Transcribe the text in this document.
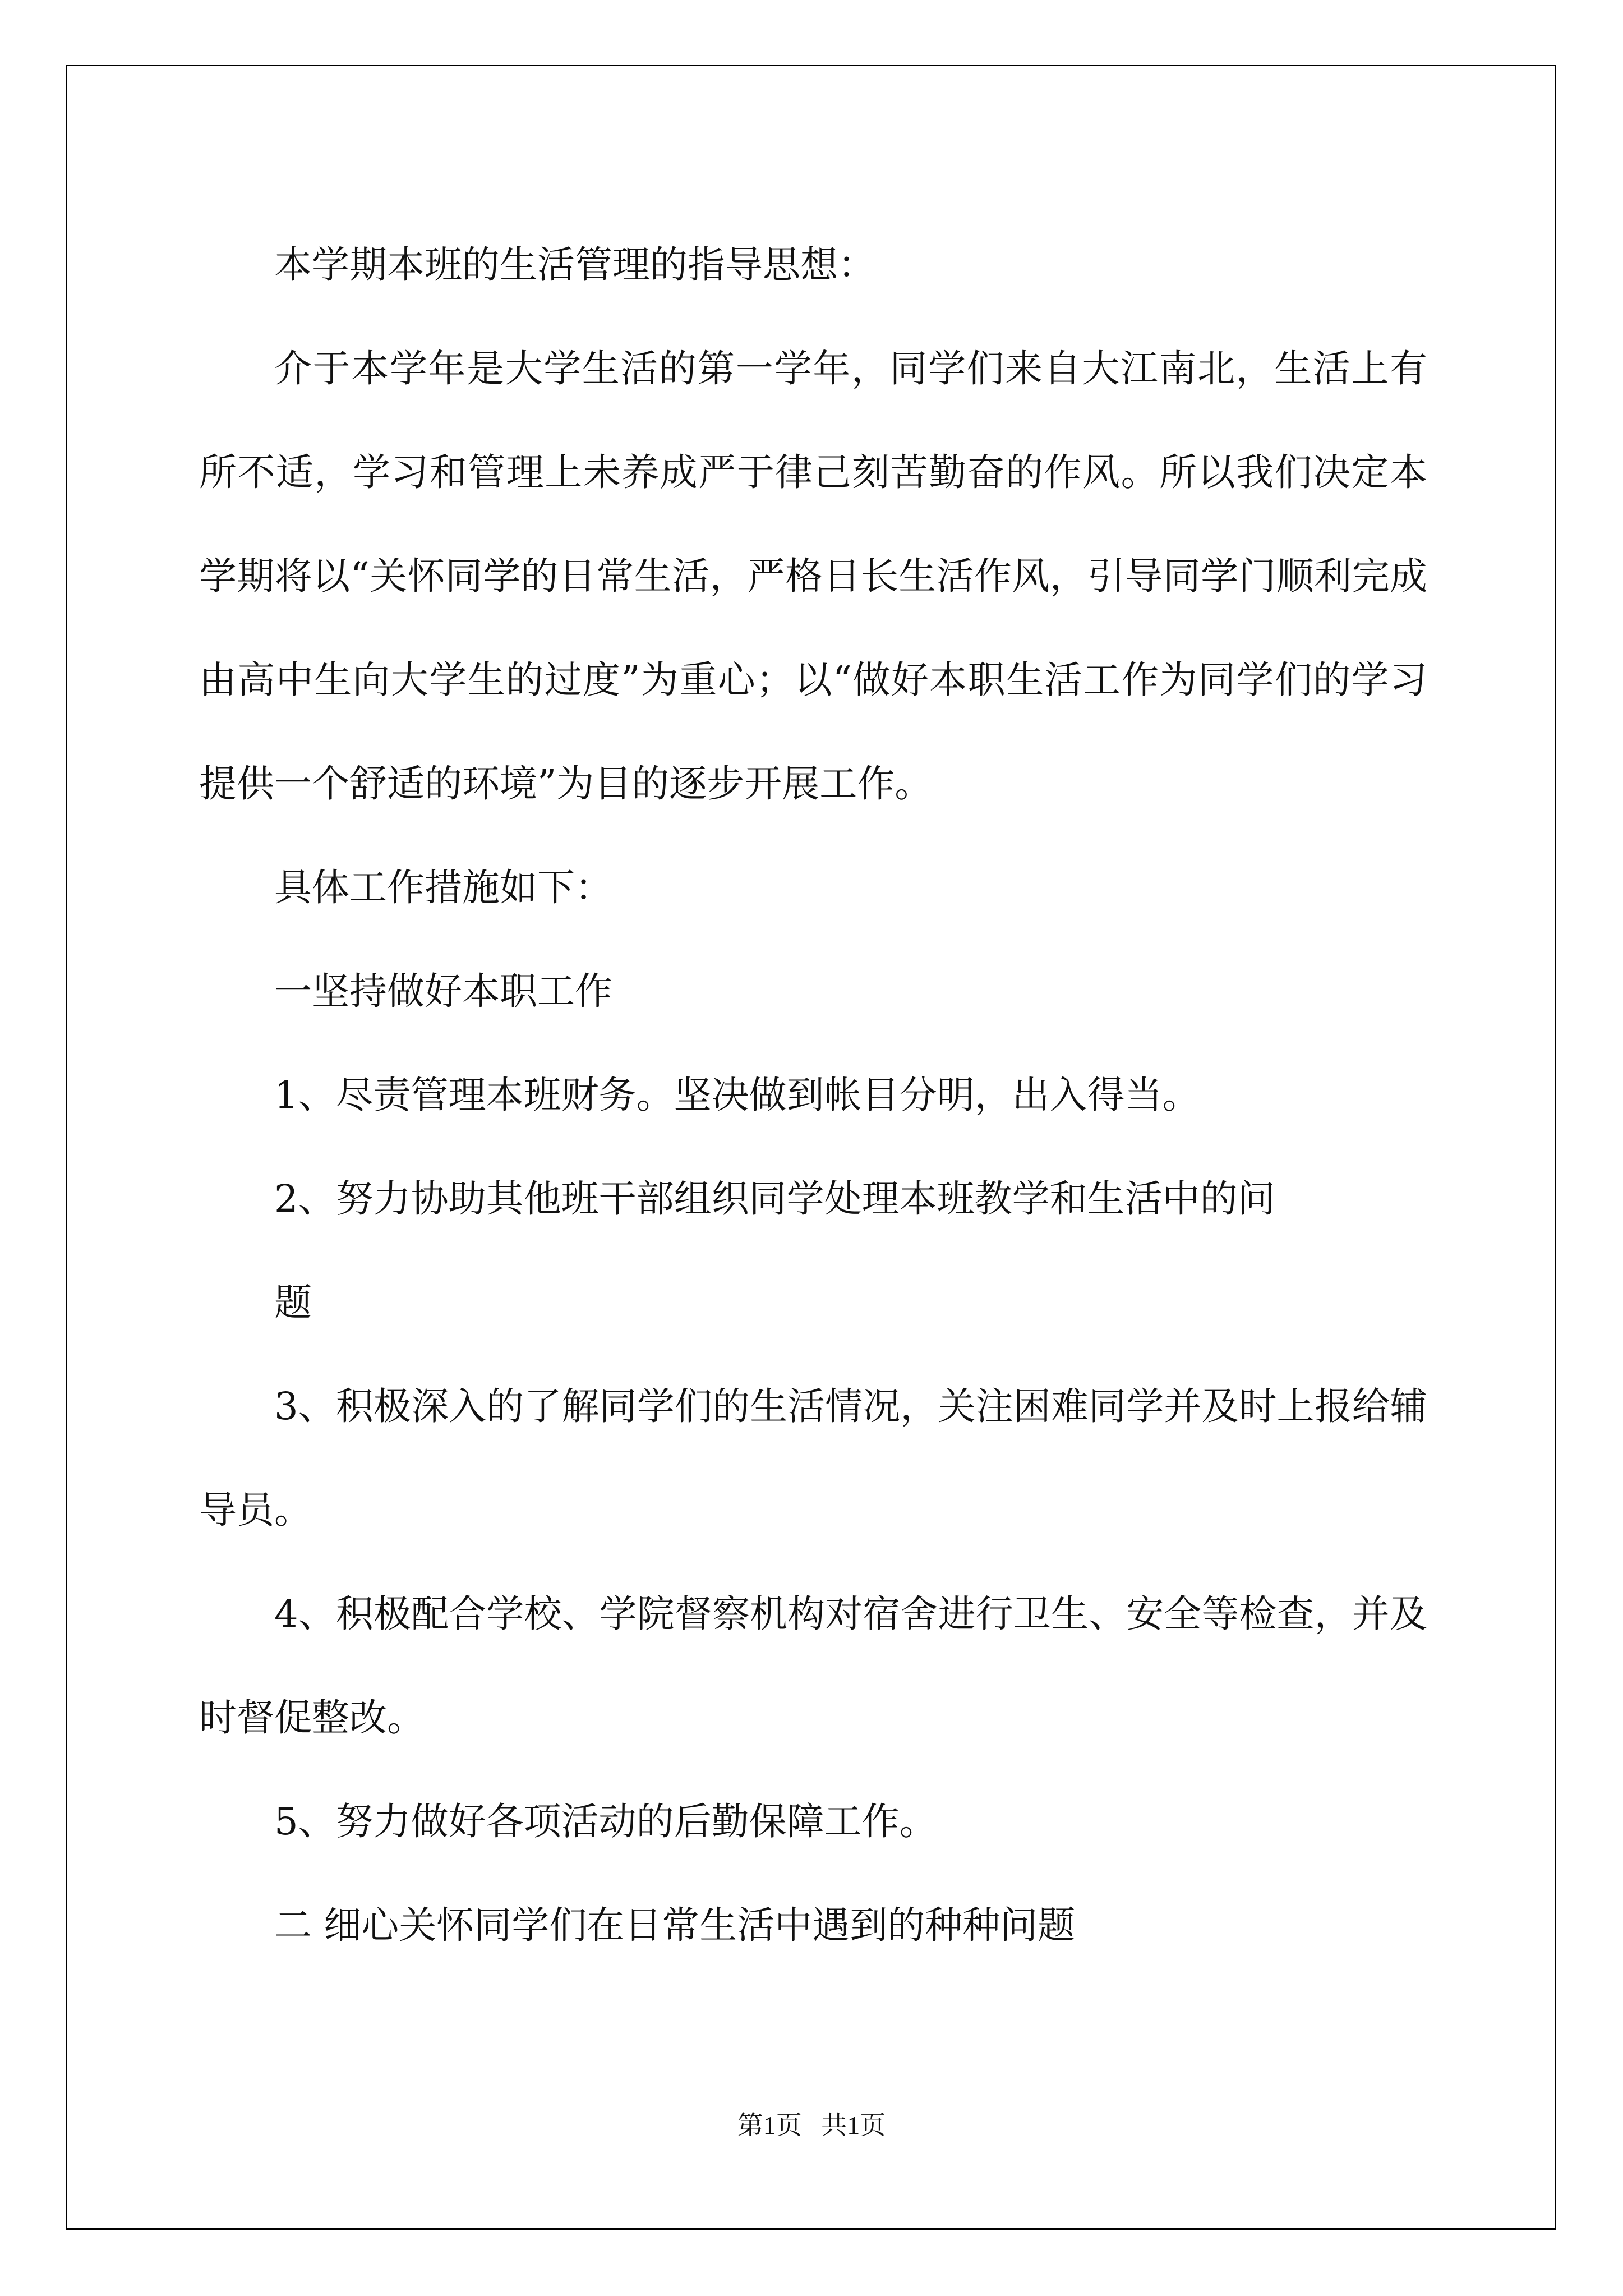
本学期本班的生活管理的指导思想：

介于本学年是大学生活的第一学年，同学们来自大江南北，生活上有所不适，学习和管理上未养成严于律己刻苦勤奋的作风。所以我们决定本学期将以“关怀同学的日常生活，严格日长生活作风，引导同学门顺利完成由高中生向大学生的过度”为重心；以“做好本职生活工作为同学们的学习提供一个舒适的环境”为目的逐步开展工作。

具体工作措施如下：

一坚持做好本职工作

1、尽责管理本班财务。坚决做到帐目分明，出入得当。

2、努力协助其他班干部组织同学处理本班教学和生活中的问

题

3、积极深入的了解同学们的生活情况，关注困难同学并及时上报给辅导员。

4、积极配合学校、学院督察机构对宿舍进行卫生、安全等检查，并及时督促整改。

5、努力做好各项活动的后勤保障工作。

二 细心关怀同学们在日常生活中遇到的种种问题

第1页   共1页
